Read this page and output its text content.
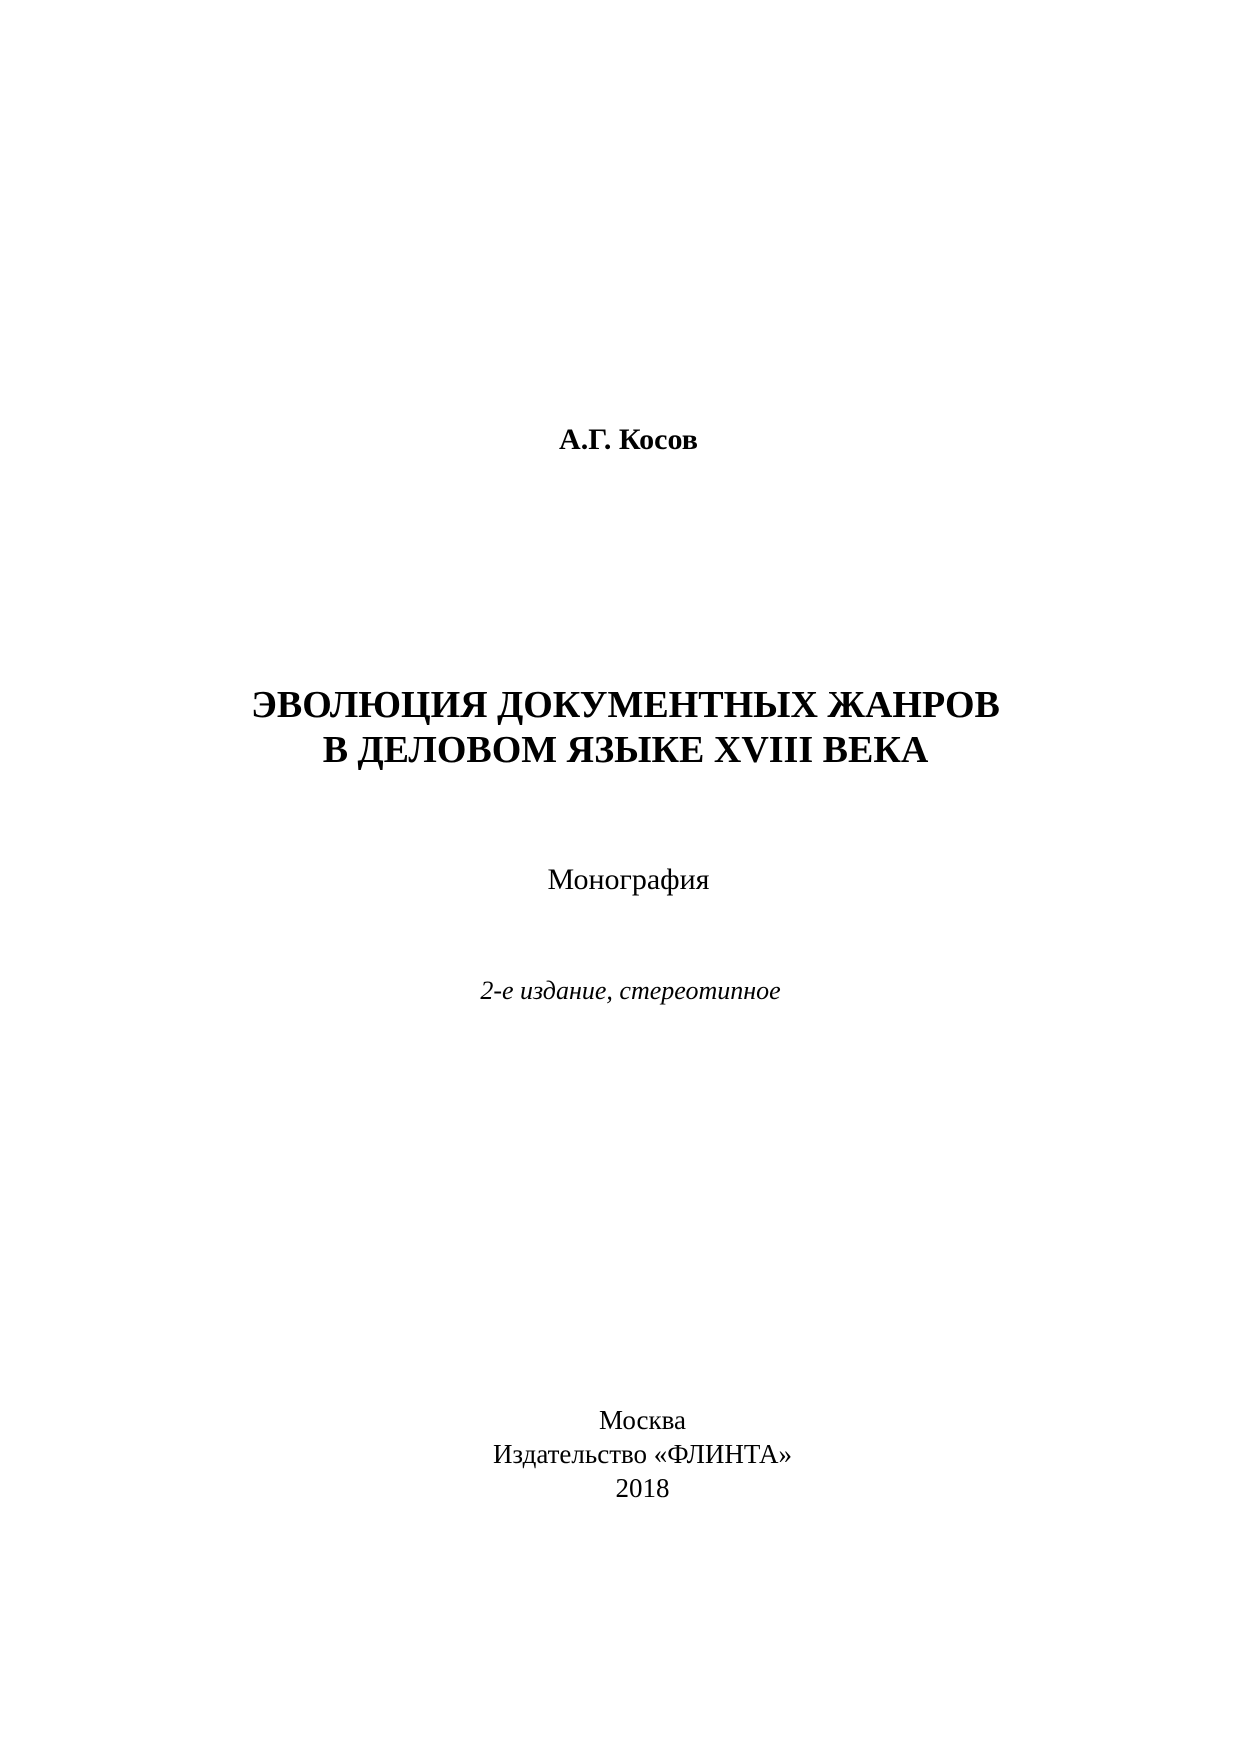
А.Г. Косов
ЭВОЛЮЦИЯ ДОКУМЕНТНЫХ ЖАНРОВ
В ДЕЛОВОМ ЯЗЫКЕ XVIII ВЕКА
Монография
2-е издание, стереотипное
Москва
Издательство «ФЛИНТА»
2018
